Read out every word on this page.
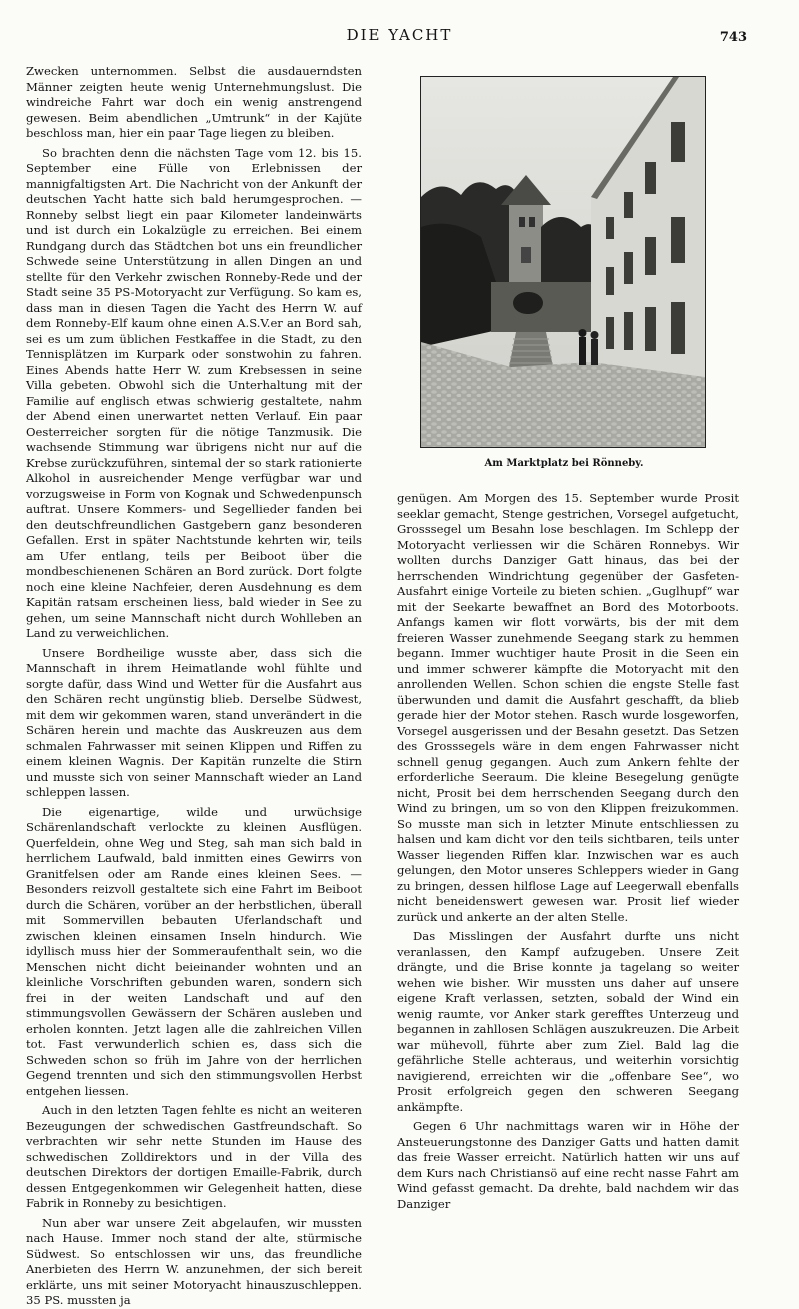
DIE YACHT	743

Zwecken unternommen. Selbst die ausdauerndsten Männer zeigten heute wenig Unternehmungslust. Die windreiche Fahrt war doch ein wenig anstrengend gewesen. Beim abendlichen „Umtrunk“ in der Kajüte beschloss man, hier ein paar Tage liegen zu bleiben.

So brachten denn die nächsten Tage vom 12. bis 15. September eine Fülle von Erlebnissen der mannigfaltigsten Art. Die Nachricht von der Ankunft der deutschen Yacht hatte sich bald herumgesprochen. — Ronneby selbst liegt ein paar Kilometer landeinwärts und ist durch ein Lokalzügle zu erreichen. Bei einem Rundgang durch das Städtchen bot uns ein freundlicher Schwede seine Unterstützung in allen Dingen an und stellte für den Verkehr zwischen Ronneby-Rede und der Stadt seine 35 PS-Motoryacht zur Verfügung. So kam es, dass man in diesen Tagen die Yacht des Herrn W. auf dem Ronneby-Elf kaum ohne einen A.S.V.er an Bord sah, sei es um zum üblichen Festkaffee in die Stadt, zu den Tennisplätzen im Kurpark oder sonstwohin zu fahren. Eines Abends hatte Herr W. zum Krebsessen in seine Villa gebeten. Obwohl sich die Unterhaltung mit der Familie auf englisch etwas schwierig gestaltete, nahm der Abend einen unerwartet netten Verlauf. Ein paar Oesterreicher sorgten für die nötige Tanzmusik. Die wachsende Stimmung war übrigens nicht nur auf die Krebse zurückzuführen, sintemal der so stark rationierte Alkohol in ausreichender Menge verfügbar war und vorzugsweise in Form von Kognak und Schwedenpunsch auftrat. Unsere Kommers- und Segellieder fanden bei den deutschfreundlichen Gastgebern ganz besonderen Gefallen. Erst in später Nachtstunde kehrten wir, teils am Ufer entlang, teils per Beiboot über die mondbeschienenen Schären an Bord zurück. Dort folgte noch eine kleine Nachfeier, deren Ausdehnung es dem Kapitän ratsam erscheinen liess, bald wieder in See zu gehen, um seine Mannschaft nicht durch Wohlleben an Land zu verweichlichen.

Unsere Bordheilige wusste aber, dass sich die Mannschaft in ihrem Heimatlande wohl fühlte und sorgte dafür, dass Wind und Wetter für die Ausfahrt aus den Schären recht ungünstig blieb. Derselbe Südwest, mit dem wir gekommen waren, stand unverändert in die Schären herein und machte das Auskreuzen aus dem schmalen Fahrwasser mit seinen Klippen und Riffen zu einem kleinen Wagnis. Der Kapitän runzelte die Stirn und musste sich von seiner Mannschaft wieder an Land schleppen lassen.

Die eigenartige, wilde und urwüchsige Schärenlandschaft verlockte zu kleinen Ausflügen. Querfeldein, ohne Weg und Steg, sah man sich bald in herrlichem Laufwald, bald inmitten eines Gewirrs von Granitfelsen oder am Rande eines kleinen Sees. — Besonders reizvoll gestaltete sich eine Fahrt im Beiboot durch die Schären, vorüber an der herbstlichen, überall mit Sommervillen bebauten Uferlandschaft und zwischen kleinen einsamen Inseln hindurch. Wie idyllisch muss hier der Sommeraufenthalt sein, wo die Menschen nicht dicht beieinander wohnten und an kleinliche Vorschriften gebunden waren, sondern sich frei in der weiten Landschaft und auf den stimmungsvollen Gewässern der Schären ausleben und erholen konnten. Jetzt lagen alle die zahlreichen Villen tot. Fast verwunderlich schien es, dass sich die Schweden schon so früh im Jahre von der herrlichen Gegend trennten und sich den stimmungsvollen Herbst entgehen liessen.

Auch in den letzten Tagen fehlte es nicht an weiteren Bezeugungen der schwedischen Gastfreundschaft. So verbrachten wir sehr nette Stunden im Hause des schwedischen Zolldirektors und in der Villa des deutschen Direktors der dortigen Emaille-Fabrik, durch dessen Entgegenkommen wir Gelegenheit hatten, diese Fabrik in Ronneby zu besichtigen.

Nun aber war unsere Zeit abgelaufen, wir mussten nach Hause. Immer noch stand der alte, stürmische Südwest. So entschlossen wir uns, das freundliche Anerbieten des Herrn W. anzunehmen, der sich bereit erklärte, uns mit seiner Motoryacht hinauszuschleppen. 35 PS. mussten ja

Am Marktplatz bei Rönneby.

genügen. Am Morgen des 15. September wurde Prosit seeklar gemacht, Stenge gestrichen, Vorsegel aufgetucht, Grosssegel um Besahn lose beschlagen. Im Schlepp der Motoryacht verliessen wir die Schären Ronnebys. Wir wollten durchs Danziger Gatt hinaus, das bei der herrschenden Windrichtung gegenüber der Gasfeten-Ausfahrt einige Vorteile zu bieten schien. „Guglhupf“ war mit der Seekarte bewaffnet an Bord des Motorboots. Anfangs kamen wir flott vorwärts, bis der mit dem freieren Wasser zunehmende Seegang stark zu hemmen begann. Immer wuchtiger haute Prosit in die Seen ein und immer schwerer kämpfte die Motoryacht mit den anrollenden Wellen. Schon schien die engste Stelle fast überwunden und damit die Ausfahrt geschafft, da blieb gerade hier der Motor stehen. Rasch wurde losgeworfen, Vorsegel ausgerissen und der Besahn gesetzt. Das Setzen des Grosssegels wäre in dem engen Fahrwasser nicht schnell genug gegangen. Auch zum Ankern fehlte der erforderliche Seeraum. Die kleine Besegelung genügte nicht, Prosit bei dem herrschenden Seegang durch den Wind zu bringen, um so von den Klippen freizukommen. So musste man sich in letzter Minute entschliessen zu halsen und kam dicht vor den teils sichtbaren, teils unter Wasser liegenden Riffen klar. Inzwischen war es auch gelungen, den Motor unseres Schleppers wieder in Gang zu bringen, dessen hilflose Lage auf Leegerwall ebenfalls nicht beneidenswert gewesen war. Prosit lief wieder zurück und ankerte an der alten Stelle.

Das Misslingen der Ausfahrt durfte uns nicht veranlassen, den Kampf aufzugeben. Unsere Zeit drängte, und die Brise konnte ja tagelang so weiter wehen wie bisher. Wir mussten uns daher auf unsere eigene Kraft verlassen, setzten, sobald der Wind ein wenig raumte, vor Anker stark gerefftes Unterzeug und begannen in zahllosen Schlägen auszukreuzen. Die Arbeit war mühevoll, führte aber zum Ziel. Bald lag die gefährliche Stelle achteraus, und weiterhin vorsichtig navigierend, erreichten wir die „offenbare See“, wo Prosit erfolgreich gegen den schweren Seegang ankämpfte.

Gegen 6 Uhr nachmittags waren wir in Höhe der Ansteuerungstonne des Danziger Gatts und hatten damit das freie Wasser erreicht. Natürlich hatten wir uns auf dem Kurs nach Christiansö auf eine recht nasse Fahrt am Wind gefasst gemacht. Da drehte, bald nachdem wir das Danziger
